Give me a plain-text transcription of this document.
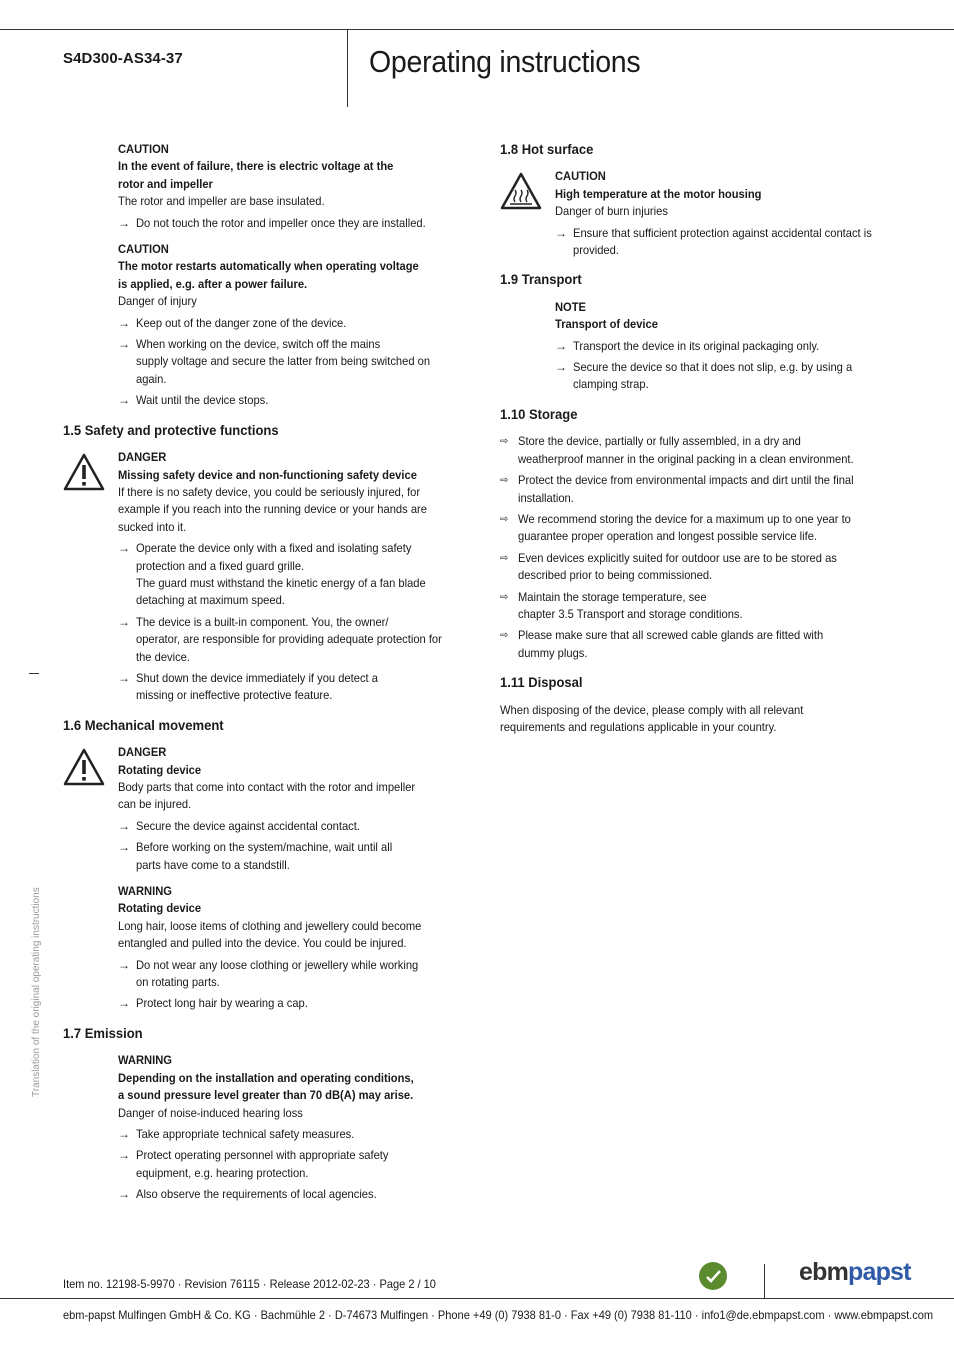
S4D300-AS34-37	Operating instructions
Translation of the original operating instructions
CAUTION
In the event of failure, there is electric voltage at the
rotor and impeller
The rotor and impeller are base insulated.
→ Do not touch the rotor and impeller once they are installed.
CAUTION
The motor restarts automatically when operating voltage
is applied, e.g. after a power failure.
Danger of injury
→ Keep out of the danger zone of the device.
→ When working on the device, switch off the mains
supply voltage and secure the latter from being switched on
again.
→ Wait until the device stops.
1.5 Safety and protective functions
DANGER
Missing safety device and non-functioning safety device
If there is no safety device, you could be seriously injured, for
example if you reach into the running device or your hands are
sucked into it.
→ Operate the device only with a fixed and isolating safety
protection and a fixed guard grille.
The guard must withstand the kinetic energy of a fan blade
detaching at maximum speed.
→ The device is a built-in component. You, the owner/
operator, are responsible for providing adequate protection for
the device.
→ Shut down the device immediately if you detect a
missing or ineffective protective feature.
1.6 Mechanical movement
DANGER
Rotating device
Body parts that come into contact with the rotor and impeller
can be injured.
→ Secure the device against accidental contact.
→ Before working on the system/machine, wait until all
parts have come to a standstill.
WARNING
Rotating device
Long hair, loose items of clothing and jewellery could become
entangled and pulled into the device. You could be injured.
→ Do not wear any loose clothing or jewellery while working
on rotating parts.
→ Protect long hair by wearing a cap.
1.7 Emission
WARNING
Depending on the installation and operating conditions,
a sound pressure level greater than 70 dB(A) may arise.
Danger of noise-induced hearing loss
→ Take appropriate technical safety measures.
→ Protect operating personnel with appropriate safety
equipment, e.g. hearing protection.
→ Also observe the requirements of local agencies.
1.8 Hot surface
CAUTION
High temperature at the motor housing
Danger of burn injuries
→ Ensure that sufficient protection against accidental contact is
provided.
1.9 Transport
NOTE
Transport of device
→ Transport the device in its original packaging only.
→ Secure the device so that it does not slip, e.g. by using a
clamping strap.
1.10 Storage
⇨ Store the device, partially or fully assembled, in a dry and
weatherproof manner in the original packing in a clean environment.
⇨ Protect the device from environmental impacts and dirt until the final
installation.
⇨ We recommend storing the device for a maximum up to one year to
guarantee proper operation and longest possible service life.
⇨ Even devices explicitly suited for outdoor use are to be stored as
described prior to being commissioned.
⇨ Maintain the storage temperature, see
chapter 3.5 Transport and storage conditions.
⇨ Please make sure that all screwed cable glands are fitted with
dummy plugs.
1.11 Disposal
When disposing of the device, please comply with all relevant
requirements and regulations applicable in your country.
Item no. 12198-5-9970 · Revision 76115 · Release 2012-02-23 · Page 2 / 10	ebmpapst
ebm-papst Mulfingen GmbH & Co. KG · Bachmühle 2 · D-74673 Mulfingen · Phone +49 (0) 7938 81-0 · Fax +49 (0) 7938 81-110 · info1@de.ebmpapst.com · www.ebmpapst.com
